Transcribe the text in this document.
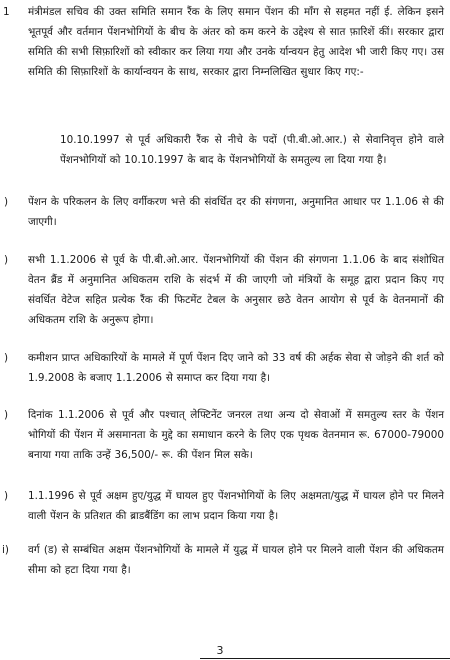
1 मंत्रीमंडल सचिव की उक्त समिति समान रैंक के लिए समान पेंशन की माँग से सहमत नहीं ई. लेकिन इसने भूतपूर्व और वर्तमान पेंशनभोगियों के बीच के अंतर को कम करने के उद्देश्य से सात फ़ारिशें कीं। सरकार द्वारा समिति की सभी सिफ़ारिशों को स्वीकार कर लिया गया और उनके र्यान्वयन हेतु आदेश भी जारी किए गए। उस समिति की सिफ़ारिशों के कार्यान्वयन के साथ, सरकार द्वारा निम्नलिखित सुधार किए गए:-

10.10.1997 से पूर्व अधिकारी रैंक से नीचे के पदों (पी.बी.ओ.आर.) से सेवानिवृत्त होने वाले पेंशनभोगियों को 10.10.1997 के बाद के पेंशनभोगियों के समतुल्य ला दिया गया है।

) पेंशन के परिकलन के लिए वर्गीकरण भत्ते की संवर्धित दर की संगणना, अनुमानित आधार पर 1.1.06 से की जाएगी।

) सभी 1.1.2006 से पूर्व के पी.बी.ओ.आर. पेंशनभोगियों की पेंशन की संगणना 1.1.06 के बाद संशोधित वेतन ब्रैंड में अनुमानित अधिकतम राशि के संदर्भ में की जाएगी जो मंत्रियों के समूह द्वारा प्रदान किए गए संवर्धित वेटेज सहित प्रत्येक रैंक की फिटमेंट टेबल के अनुसार छठे वेतन आयोग से पूर्व के वेतनमानों की अधिकतम राशि के अनुरूप होगा।

) कमीशन प्राप्त अधिकारियों के मामले में पूर्ण पेंशन दिए जाने को 33 वर्ष की अर्हक सेवा से जोड़ने की शर्त को 1.9.2008 के बजाए 1.1.2006 से समाप्त कर दिया गया है।

) दिनांक 1.1.2006 से पूर्व और पश्चात् लेफ्टिनेंट जनरल तथा अन्य दो सेवाओं में समतुल्य स्तर के पेंशन भोगियों की पेंशन में असमानता के मुद्दे का समाधान करने के लिए एक पृथक वेतनमान रू. 67000-79000 बनाया गया ताकि उन्हें 36,500/- रू. की पेंशन मिल सके।

) 1.1.1996 से पूर्व अक्षम हुए/युद्ध में घायल हुए पेंशनभोगियों के लिए अक्षमता/युद्ध में घायल होने पर मिलने वाली पेंशन के प्रतिशत की ब्राडबैंडिंग का लाभ प्रदान किया गया है।

i) वर्ग (ड) से सम्बंधित अक्षम पेंशनभोगियों के मामले में युद्ध में घायल होने पर मिलने वाली पेंशन की अधिकतम सीमा को हटा दिया गया है।

3
